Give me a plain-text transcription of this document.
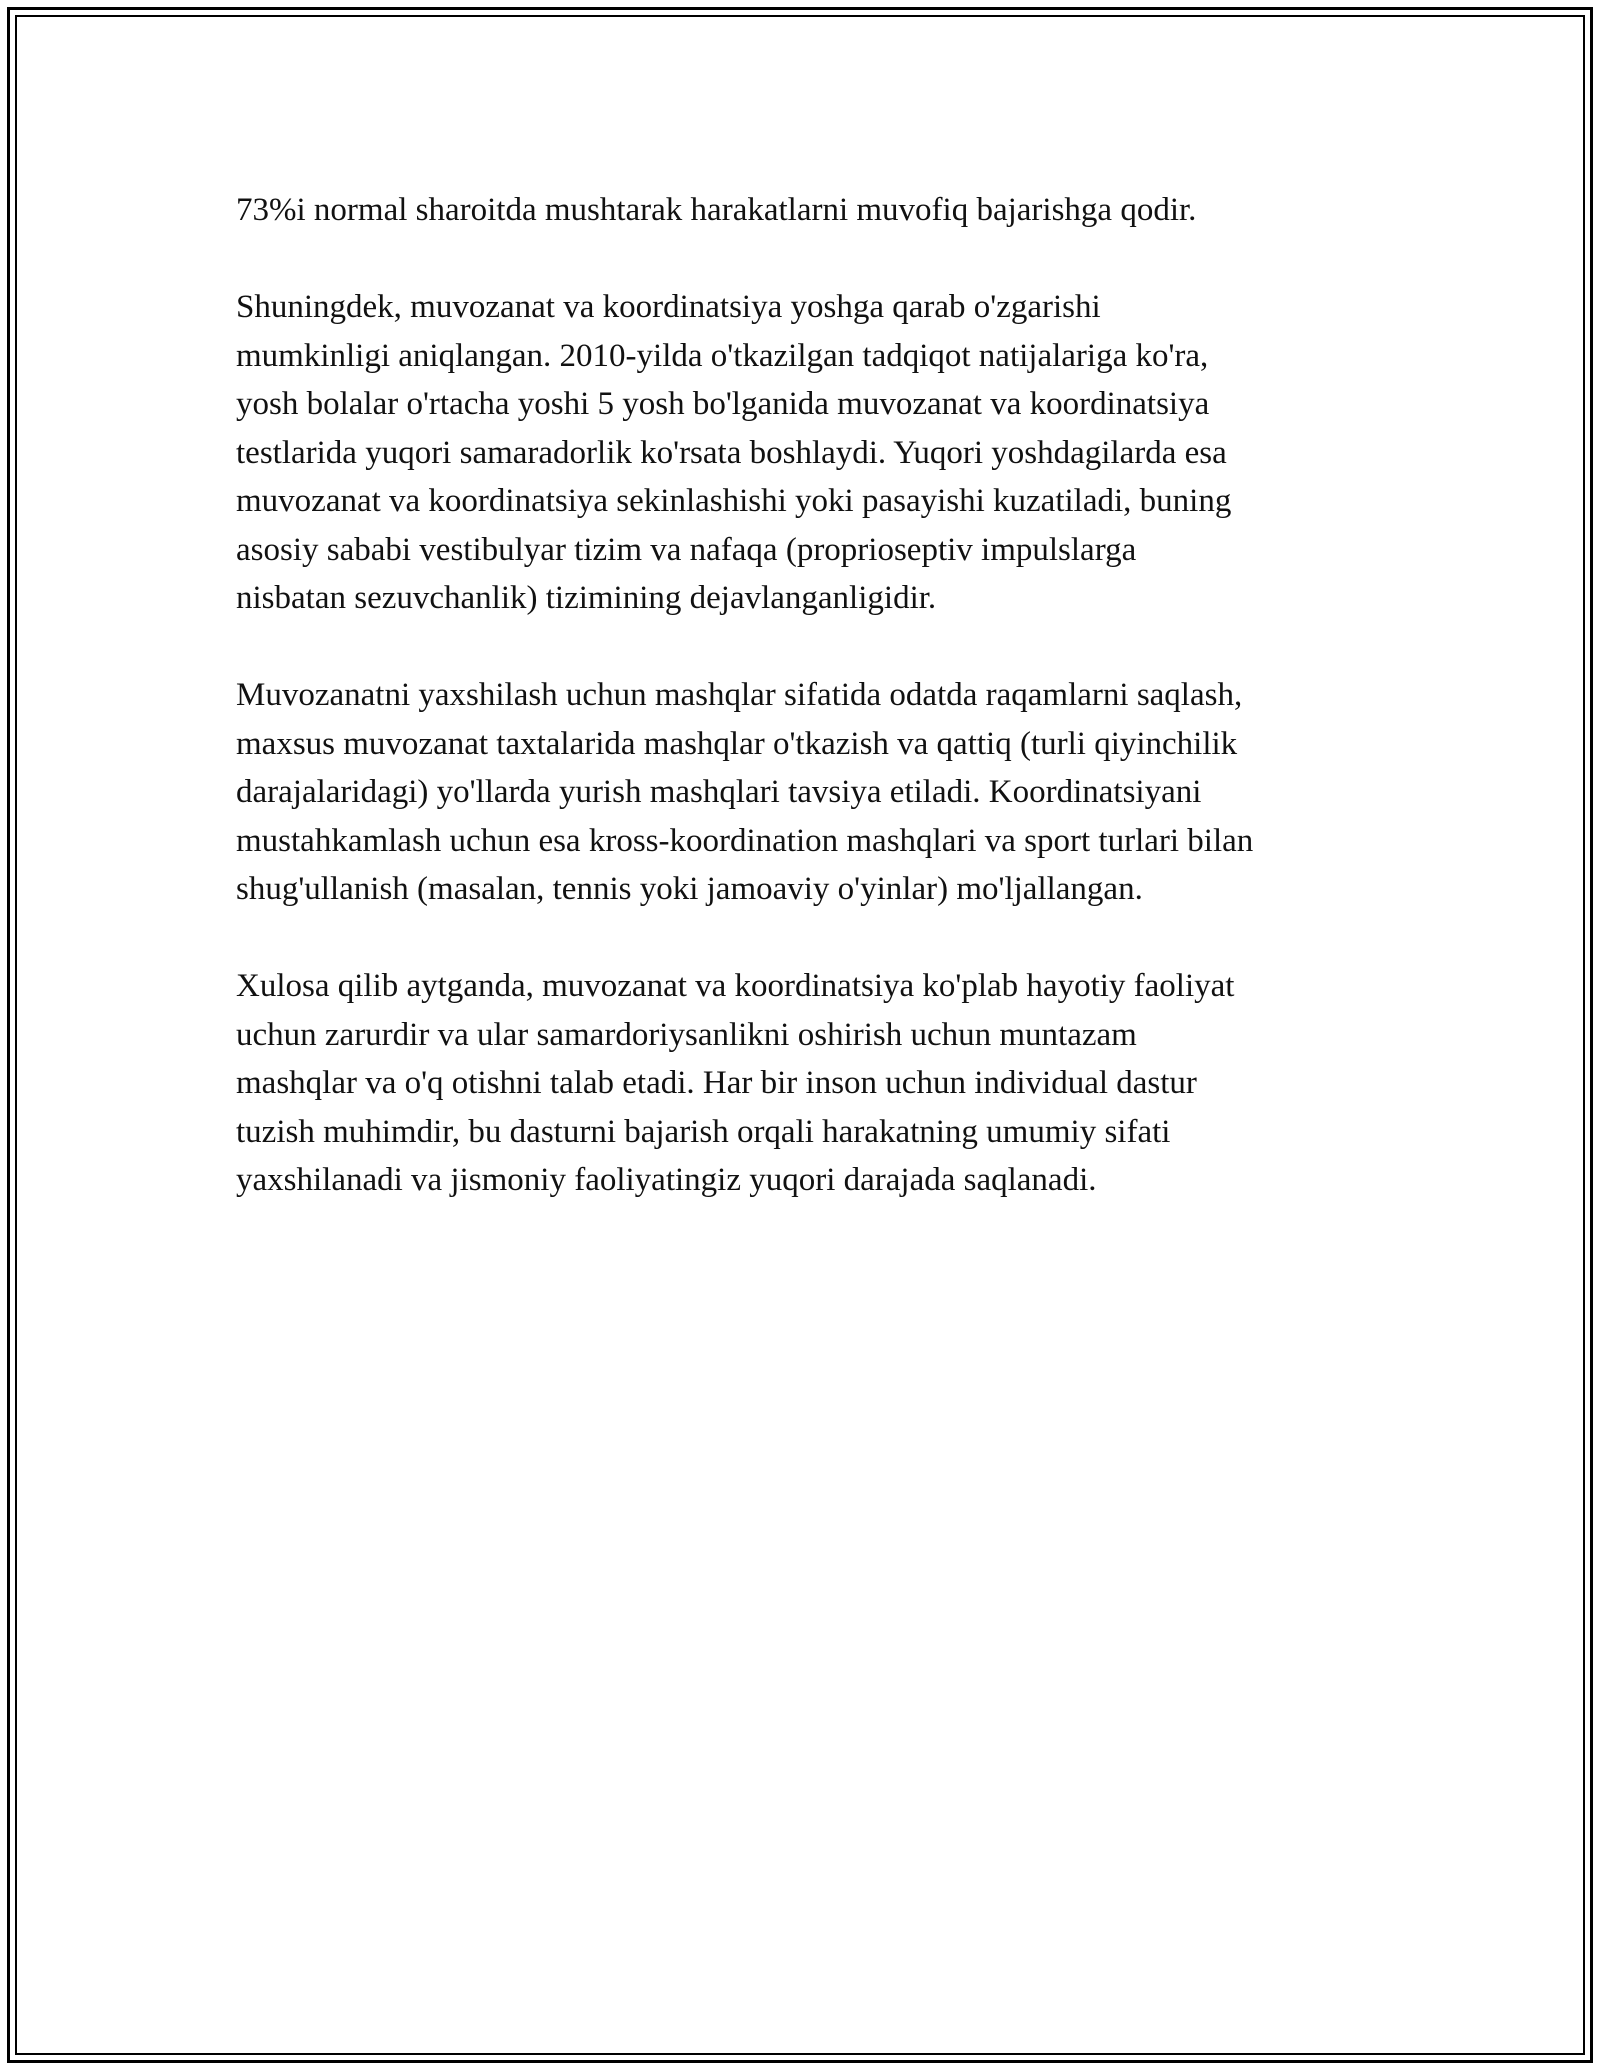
73%i normal sharoitda mushtarak harakatlarni muvofiq bajarishga qodir.

Shuningdek, muvozanat va koordinatsiya yoshga qarab o'zgarishi
mumkinligi aniqlangan. 2010-yilda o'tkazilgan tadqiqot natijalariga ko'ra,
yosh bolalar o'rtacha yoshi 5 yosh bo'lganida muvozanat va koordinatsiya
testlarida yuqori samaradorlik ko'rsata boshlaydi. Yuqori yoshdagilarda esa
muvozanat va koordinatsiya sekinlashishi yoki pasayishi kuzatiladi, buning
asosiy sababi vestibulyar tizim va nafaqa (proprioseptiv impulslarga
nisbatan sezuvchanlik) tizimining dejavlanganligidir.

Muvozanatni yaxshilash uchun mashqlar sifatida odatda raqamlarni saqlash,
maxsus muvozanat taxtalarida mashqlar o'tkazish va qattiq (turli qiyinchilik
darajalaridagi) yo'llarda yurish mashqlari tavsiya etiladi. Koordinatsiyani
mustahkamlash uchun esa kross-koordination mashqlari va sport turlari bilan
shug'ullanish (masalan, tennis yoki jamoaviy o'yinlar) mo'ljallangan.

Xulosa qilib aytganda, muvozanat va koordinatsiya ko'plab hayotiy faoliyat
uchun zarurdir va ular samardoriysanlikni oshirish uchun muntazam
mashqlar va o'q otishni talab etadi. Har bir inson uchun individual dastur
tuzish muhimdir, bu dasturni bajarish orqali harakatning umumiy sifati
yaxshilanadi va jismoniy faoliyatingiz yuqori darajada saqlanadi.
